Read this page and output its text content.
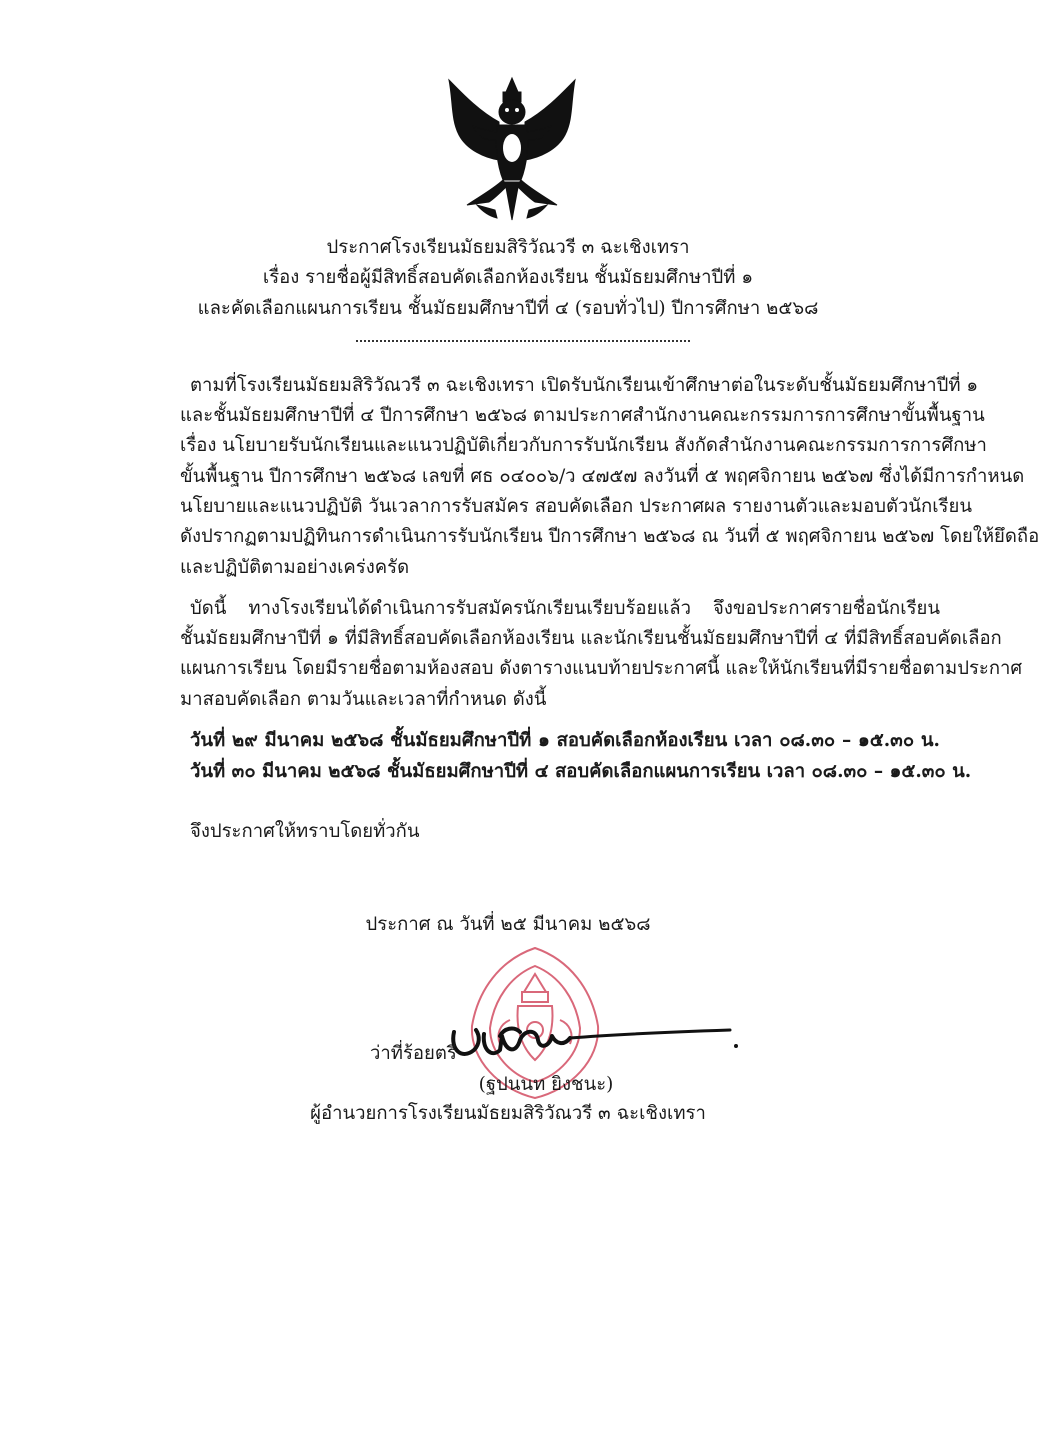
ประกาศโรงเรียนมัธยมสิริวัณวรี ๓ ฉะเชิงเทรา
เรื่อง รายชื่อผู้มีสิทธิ์สอบคัดเลือกห้องเรียน ชั้นมัธยมศึกษาปีที่ ๑
และคัดเลือกแผนการเรียน ชั้นมัธยมศึกษาปีที่ ๔ (รอบทั่วไป) ปีการศึกษา ๒๕๖๘
ตามที่โรงเรียนมัธยมสิริวัณวรี ๓ ฉะเชิงเทรา เปิดรับนักเรียนเข้าศึกษาต่อในระดับชั้นมัธยมศึกษาปีที่ ๑
และชั้นมัธยมศึกษาปีที่ ๔ ปีการศึกษา ๒๕๖๘ ตามประกาศสำนักงานคณะกรรมการการศึกษาขั้นพื้นฐาน
เรื่อง นโยบายรับนักเรียนและแนวปฏิบัติเกี่ยวกับการรับนักเรียน สังกัดสำนักงานคณะกรรมการการศึกษา
ขั้นพื้นฐาน ปีการศึกษา ๒๕๖๘ เลขที่ ศธ ๐๔๐๐๖/ว ๔๗๕๗ ลงวันที่ ๕ พฤศจิกายน ๒๕๖๗ ซึ่งได้มีการกำหนด
นโยบายและแนวปฏิบัติ วันเวลาการรับสมัคร สอบคัดเลือก ประกาศผล รายงานตัวและมอบตัวนักเรียน
ดังปรากฏตามปฏิทินการดำเนินการรับนักเรียน ปีการศึกษา ๒๕๖๘ ณ วันที่ ๕ พฤศจิกายน ๒๕๖๗ โดยให้ยึดถือ
และปฏิบัติตามอย่างเคร่งครัด
บัดนี้ ทางโรงเรียนได้ดำเนินการรับสมัครนักเรียนเรียบร้อยแล้ว จึงขอประกาศรายชื่อนักเรียน
ชั้นมัธยมศึกษาปีที่ ๑ ที่มีสิทธิ์สอบคัดเลือกห้องเรียน และนักเรียนชั้นมัธยมศึกษาปีที่ ๔ ที่มีสิทธิ์สอบคัดเลือก
แผนการเรียน โดยมีรายชื่อตามห้องสอบ ดังตารางแนบท้ายประกาศนี้ และให้นักเรียนที่มีรายชื่อตามประกาศ
มาสอบคัดเลือก ตามวันและเวลาที่กำหนด ดังนี้
วันที่ ๒๙ มีนาคม ๒๕๖๘ ชั้นมัธยมศึกษาปีที่ ๑ สอบคัดเลือกห้องเรียน เวลา ๐๘.๓๐ – ๑๕.๓๐ น.
วันที่ ๓๐ มีนาคม ๒๕๖๘ ชั้นมัธยมศึกษาปีที่ ๔ สอบคัดเลือกแผนการเรียน เวลา ๐๘.๓๐ – ๑๕.๓๐ น.
จึงประกาศให้ทราบโดยทั่วกัน
ประกาศ ณ วันที่ ๒๕ มีนาคม ๒๕๖๘
ว่าที่ร้อยตรี
(ฐปนนท ยิงชนะ)
ผู้อำนวยการโรงเรียนมัธยมสิริวัณวรี ๓ ฉะเชิงเทรา
